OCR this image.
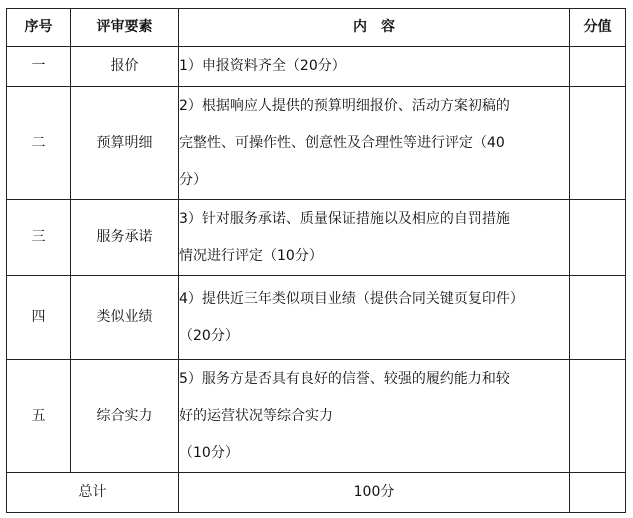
序号	评审要素	内　容	分值
一	报价	1）申报资料齐全（20分）	

二	预算明细	2）根据响应人提供的预算明细报价、活动方案初稿的
完整性、可操作性、创意性及合理性等进行评定（40
分）	

三	服务承诺	3）针对服务承诺、质量保证措施以及相应的自罚措施
情况进行评定（10分）	

四	类似业绩	4）提供近三年类似项目业绩（提供合同关键页复印件）
（20分）	

五	综合实力	5）服务方是否具有良好的信誉、较强的履约能力和较
好的运营状况等综合实力
（10分）	

总计		100分	
